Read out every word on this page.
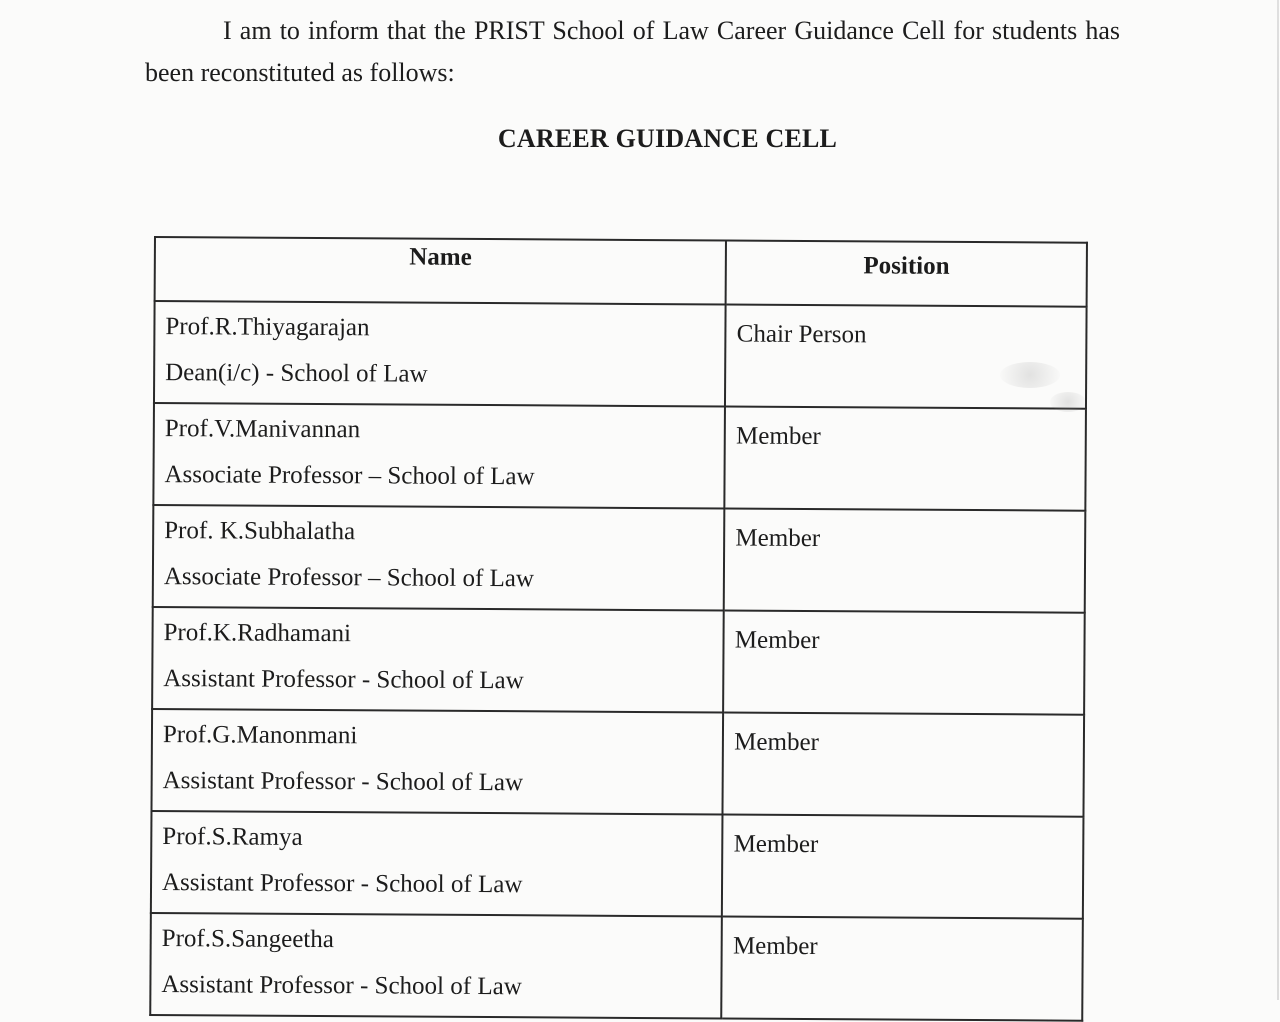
I am to inform that the PRIST School of Law Career Guidance Cell for students has been reconstituted as follows:

CAREER GUIDANCE CELL
Name	Position

Prof.R.Thiyagarajan
Dean(i/c) - School of Law	Chair Person

Prof.V.Manivannan
Associate Professor – School of Law	Member

Prof. K.Subhalatha
Associate Professor – School of Law	Member

Prof.K.Radhamani
Assistant Professor - School of Law	Member

Prof.G.Manonmani
Assistant Professor - School of Law	Member

Prof.S.Ramya
Assistant Professor - School of Law	Member

Prof.S.Sangeetha
Assistant Professor - School of Law	Member
